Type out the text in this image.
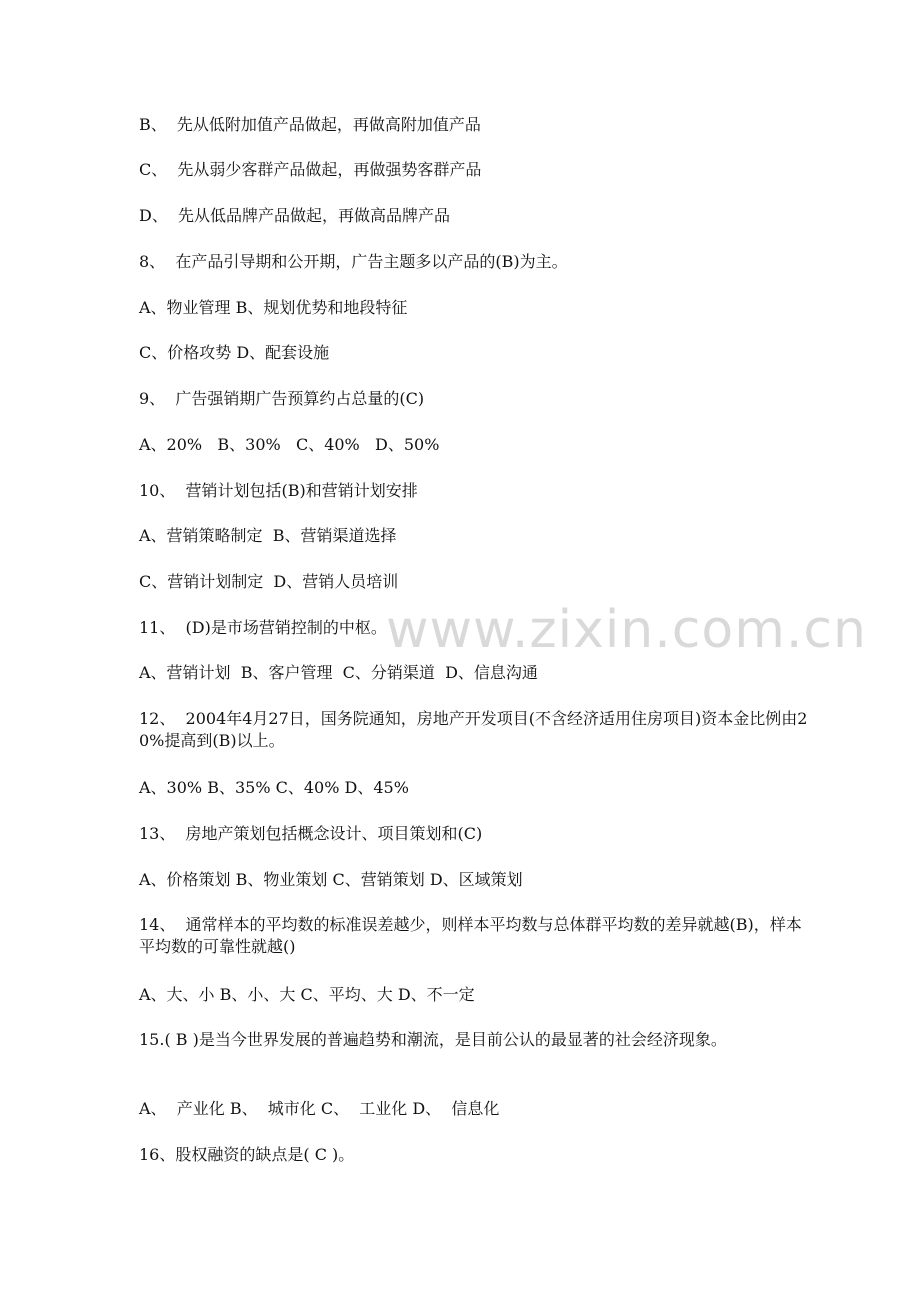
www.zixin.com.cn
B、  先从低附加值产品做起，再做高附加值产品
C、  先从弱少客群产品做起，再做强势客群产品
D、  先从低品牌产品做起，再做高品牌产品
8、  在产品引导期和公开期，广告主题多以产品的(B)为主。
A、物业管理 B、规划优势和地段特征
C、价格攻势 D、配套设施
9、  广告强销期广告预算约占总量的(C)
A、20%   B、30%   C、40%   D、50%
10、  营销计划包括(B)和营销计划安排
A、营销策略制定  B、营销渠道选择
C、营销计划制定  D、营销人员培训
11、  (D)是市场营销控制的中枢。
A、营销计划  B、客户管理  C、分销渠道  D、信息沟通
12、  2004年4月27日，国务院通知，房地产开发项目(不含经济适用住房项目)资本金比例由20%提高到(B)以上。
A、30% B、35% C、40% D、45%
13、  房地产策划包括概念设计、项目策划和(C)
A、价格策划 B、物业策划 C、营销策划 D、区域策划
14、  通常样本的平均数的标准误差越少，则样本平均数与总体群平均数的差异就越(B)，样本平均数的可靠性就越()
A、大、小 B、小、大 C、平均、大 D、不一定
15.( B )是当今世界发展的普遍趋势和潮流，是目前公认的最显著的社会经济现象。
A、  产业化 B、  城市化 C、  工业化 D、  信息化
16、股权融资的缺点是( C )。
